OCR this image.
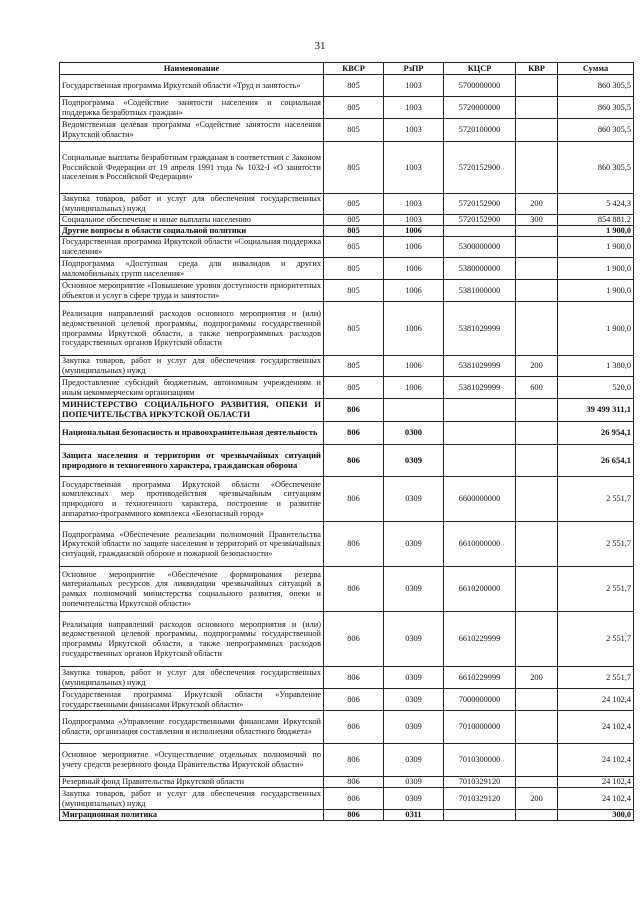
31
Наименование	КВСР	РзПР	КЦСР	КВР	Сумма
Государственная программа Иркутской области «Труд и занятость»	805	1003	5700000000		860 305,5
Подпрограмма «Содействие занятости населения и социальная поддержка безработных граждан»	805	1003	5720000000		860 305,5
Ведомственная целевая программа «Содействие занятости населения Иркутской области»	805	1003	5720100000		860 305,5
Социальные выплаты безработным гражданам в соответствии с Законом Российской Федерации от 19 апреля 1991 года № 1032-I «О занятости населения в Российской Федерации»	805	1003	5720152900		860 305,5
Закупка товаров, работ и услуг для обеспечения государственных (муниципальных) нужд	805	1003	5720152900	200	5 424,3
Социальное обеспечение и иные выплаты населению	805	1003	5720152900	300	854 881,2
Другие вопросы в области социальной политики	805	1006			1 900,0
Государственная программа Иркутской области «Социальная поддержка населения»	805	1006	5300000000		1 900,0
Подпрограмма «Доступная среда для инвалидов и других маломобильных групп населения»	805	1006	5380000000		1 900,0
Основное мероприятие «Повышение уровня доступности приоритетных объектов и услуг в сфере труда и занятости»	805	1006	5381000000		1 900,0
Реализация направлений расходов основного мероприятия и (или) ведомственной целевой программы, подпрограммы государственной программы Иркутской области, а также непрограммных расходов государственных органов Иркутской области	805	1006	5381029999		1 900,0
Закупка товаров, работ и услуг для обеспечения государственных (муниципальных) нужд	805	1006	5381029999	200	1 380,0
Предоставление субсидий бюджетным, автономным учреждениям и иным некоммерческим организациям	805	1006	5381029999	600	520,0
МИНИСТЕРСТВО СОЦИАЛЬНОГО РАЗВИТИЯ, ОПЕКИ И ПОПЕЧИТЕЛЬСТВА ИРКУТСКОЙ ОБЛАСТИ	806				39 499 311,1
Национальная безопасность и правоохранительная деятельность	806	0300			26 954,1
Защита населения и территории от чрезвычайных ситуаций природного и техногенного характера, гражданская оборона	806	0309			26 654,1
Государственная программа Иркутской области «Обеспечение комплексных мер противодействия чрезвычайным ситуациям природного и техногенного характера, построение и развитие аппаратно-программного комплекса «Безопасный город»	806	0309	6600000000		2 551,7
Подпрограмма «Обеспечение реализации полномочий Правительства Иркутской области по защите населения и территорий от чрезвычайных ситуаций, гражданской обороне и пожарной безопасности»	806	0309	6610000000		2 551,7
Основное мероприятие «Обеспечение формирования резерва материальных ресурсов для ликвидации чрезвычайных ситуаций в рамках полномочий министерства социального развития, опеки и попечительства Иркутской области»	806	0309	6610200000		2 551,7
Реализация направлений расходов основного мероприятия и (или) ведомственной целевой программы, подпрограммы государственной программы Иркутской области, а также непрограммных расходов государственных органов Иркутской области	806	0309	6610229999		2 551,7
Закупка товаров, работ и услуг для обеспечения государственных (муниципальных) нужд	806	0309	6610229999	200	2 551,7
Государственная программа Иркутской области «Управление государственными финансами Иркутской области»	806	0309	7000000000		24 102,4
Подпрограмма «Управление государственными финансами Иркутской области, организация составления и исполнения областного бюджета»	806	0309	7010000000		24 102,4
Основное мероприятие «Осуществление отдельных полномочий по учету средств резервного фонда Правительства Иркутской области»	806	0309	7010300000		24 102,4
Резервный фонд Правительства Иркутской области	806	0309	7010329120		24 102,4
Закупка товаров, работ и услуг для обеспечения государственных (муниципальных) нужд	806	0309	7010329120	200	24 102,4
Миграционная политика	806	0311			300,0
